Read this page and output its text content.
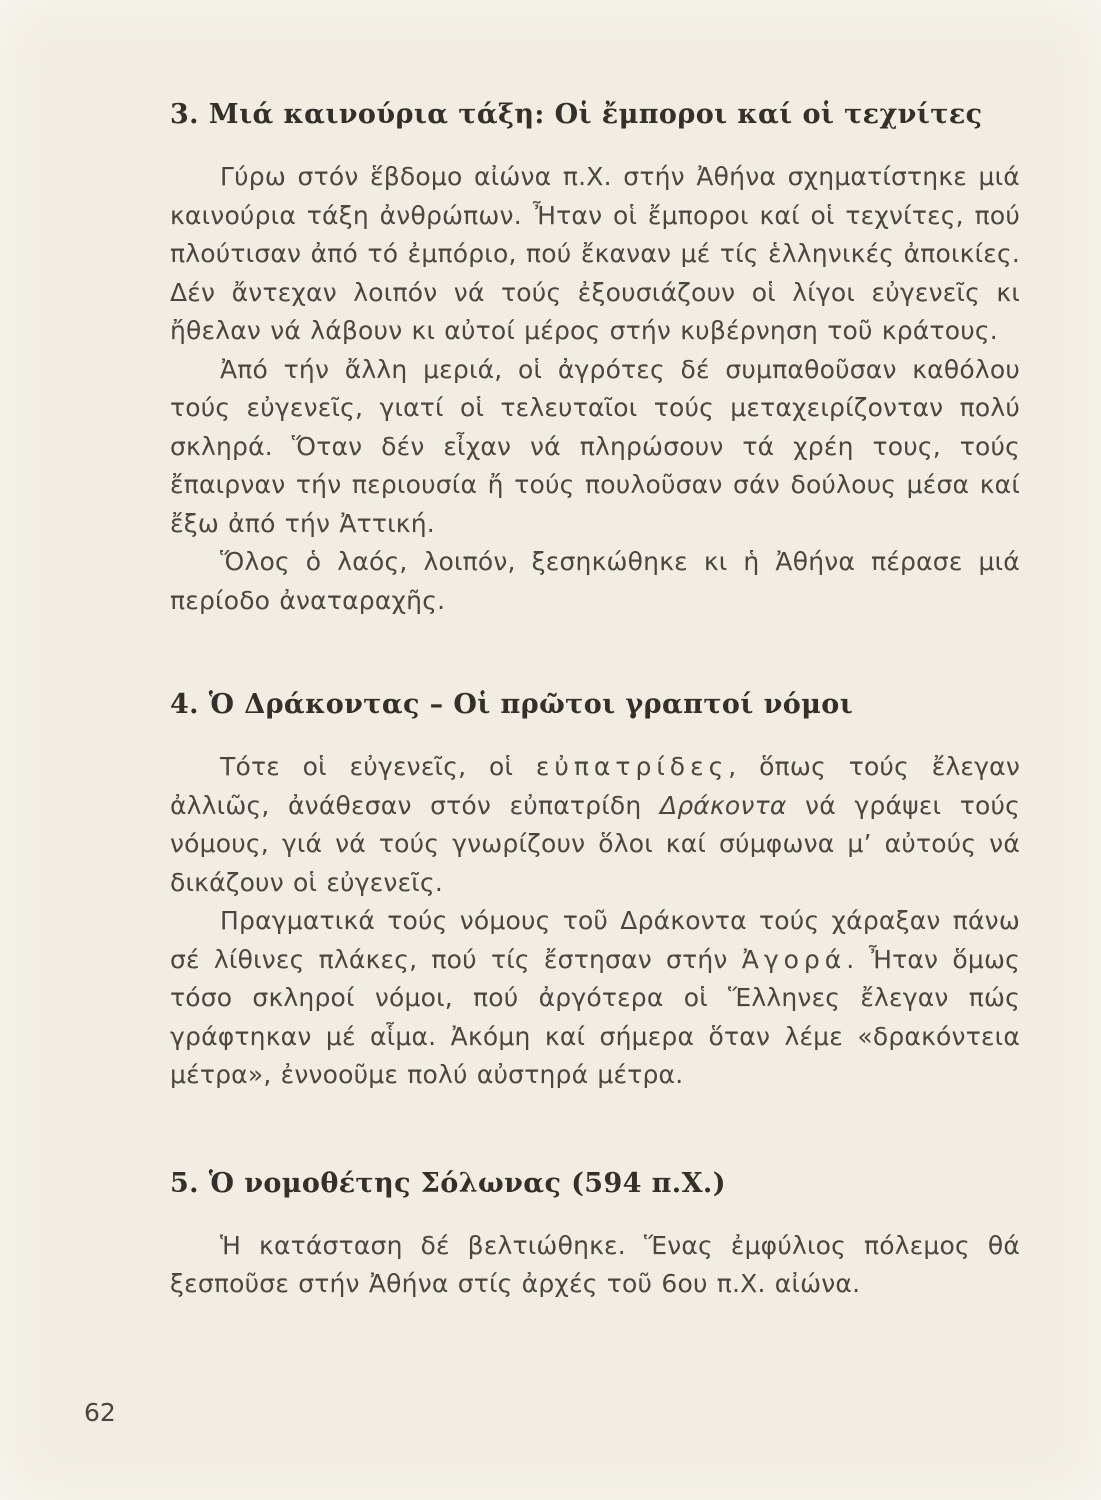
3. Μιά καινούρια τάξη: Οἱ ἔμποροι καί οἱ τεχνίτες

Γύρω στόν ἕβδομο αἰώνα π.Χ. στήν Ἀθήνα σχηματίστηκε μιά καινούρια τάξη ἀνθρώπων. Ἦταν οἱ ἔμποροι καί οἱ τεχνίτες, πού πλούτισαν ἀπό τό ἐμπόριο, πού ἔκαναν μέ τίς ἑλληνικές ἀποικίες. Δέν ἄντεχαν λοιπόν νά τούς ἐξουσιάζουν οἱ λίγοι εὐγενεῖς κι ἤθελαν νά λάβουν κι αὐτοί μέρος στήν κυβέρνηση τοῦ κράτους.

Ἀπό τήν ἄλλη μεριά, οἱ ἀγρότες δέ συμπαθοῦσαν καθόλου τούς εὐγενεῖς, γιατί οἱ τελευταῖοι τούς μεταχειρίζονταν πολύ σκληρά. Ὅταν δέν εἶχαν νά πληρώσουν τά χρέη τους, τούς ἔπαιρναν τήν περιουσία ἤ τούς πουλοῦσαν σάν δούλους μέσα καί ἔξω ἀπό τήν Ἀττική.

Ὅλος ὁ λαός, λοιπόν, ξεσηκώθηκε κι ἡ Ἀθήνα πέρασε μιά περίοδο ἀναταραχῆς.

4. Ὁ Δράκοντας – Οἱ πρῶτοι γραπτοί νόμοι

Τότε οἱ εὐγενεῖς, οἱ εὐπατρίδες, ὅπως τούς ἔλεγαν ἀλλιῶς, ἀνάθεσαν στόν εὐπατρίδη Δράκοντα νά γράψει τούς νόμους, γιά νά τούς γνωρίζουν ὅλοι καί σύμφωνα μ’ αὐτούς νά δικάζουν οἱ εὐγενεῖς.

Πραγματικά τούς νόμους τοῦ Δράκοντα τούς χάραξαν πάνω σέ λίθινες πλάκες, πού τίς ἔστησαν στήν Ἀγορά. Ἦταν ὅμως τόσο σκληροί νόμοι, πού ἀργότερα οἱ Ἕλληνες ἔλεγαν πώς γράφτηκαν μέ αἷμα. Ἀκόμη καί σήμερα ὅταν λέμε «δρακόντεια μέτρα», ἐννοοῦμε πολύ αὐστηρά μέτρα.

5. Ὁ νομοθέτης Σόλωνας (594 π.Χ.)

Ἡ κατάσταση δέ βελτιώθηκε. Ἕνας ἐμφύλιος πόλεμος θά ξεσποῦσε στήν Ἀθήνα στίς ἀρχές τοῦ 6ου π.Χ. αἰώνα.

62
